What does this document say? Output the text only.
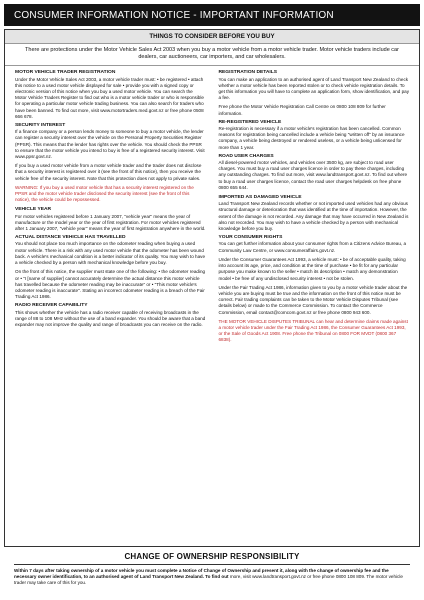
CONSUMER INFORMATION NOTICE - IMPORTANT INFORMATION
THINGS TO CONSIDER BEFORE YOU BUY
There are protections under the Motor Vehicle Sales Act 2003 when you buy a motor vehicle from a motor vehicle trader. Motor vehicle traders include car dealers, car auctioneers, car importers, and car wholesalers.
MOTOR VEHICLE TRADER REGISTRATION

Under the Motor Vehicle Sales Act 2003, a motor vehicle trader must: • be registered • attach this notice to a used motor vehicle displayed for sale • provide you with a signed copy or electronic version of this notice when you buy a used motor vehicle. You can search the Motor Vehicle Traders Register to find out who is a motor vehicle trader or who is responsible for operating a particular motor vehicle trading business. You can also search for traders who have been banned. To find out more, visit www.motortraders.med.govt.nz or free phone 0508 666 678.

SECURITY INTEREST

If a finance company or a person lends money to someone to buy a motor vehicle, the lender can register a security interest over the vehicle on the Personal Property Securities Register (PPSR). This means that the lender has rights over the vehicle. You should check the PPSR to ensure that the motor vehicle you intend to buy is free of a registered security interest. Visit www.ppsr.govt.nz.

If you buy a used motor vehicle from a motor vehicle trader and the trader does not disclose that a security interest is registered over it (see the front of this notice), then you receive the vehicle free of the security interest. Note that this protection does not apply to private sales.

WARNING: If you buy a used motor vehicle that has a security interest registered on the PPSR and the motor vehicle trader disclosed the security interest (see the front of this notice), the vehicle could be repossessed.

VEHICLE YEAR

For motor vehicles registered before 1 January 2007, "vehicle year" means the year of manufacture or the model year or the year of first registration. For motor vehicles registered after 1 January 2007, "vehicle year" means the year of first registration anywhere in the world.

ACTUAL DISTANCE VEHICLE HAS TRAVELLED

You should not place too much importance on the odometer reading when buying a used motor vehicle. There is a risk with any used motor vehicle that the odometer has been wound back. A vehicle's mechanical condition is a better indicator of its quality. You may wish to have a vehicle checked by a person with mechanical knowledge before you buy.

On the front of this notice, the supplier must state one of the following: • the odometer reading or • "I [name of supplier] cannot accurately determine the actual distance this motor vehicle has travelled because the odometer reading may be inaccurate" or • "This motor vehicle's odometer reading is inaccurate". Stating an incorrect odometer reading is a breach of the Fair Trading Act 1986.

RADIO RECEIVER CAPABILITY

This shows whether the vehicle has a radio receiver capable of receiving broadcasts in the range of 88 to 108 MHz without the use of a band expander. You should be aware that a band expander may not improve the quality and range of broadcasts you can receive on the radio.

REGISTRATION DETAILS

You can make an application to an authorised agent of Land Transport New Zealand to check whether a motor vehicle has been reported stolen or to check vehicle registration details. To get this information you will have to complete an application form, show identification, and pay a fee.

Free phone the Motor Vehicle Registration Call Centre on 0800 108 809 for further information.

RE-REGISTERED VEHICLE

Re-registration is necessary if a motor vehicle's registration has been cancelled. Common reasons for registration being cancelled include a vehicle being "written off" by an insurance company, a vehicle being destroyed or rendered useless, or a vehicle being unlicensed for more than 1 year.

ROAD USER CHARGES

All diesel-powered motor vehicles, and vehicles over 3500 kg, are subject to road user charges. You must buy a road user charges licence in order to pay these charges, including any outstanding charges. To find out more, visit www.landtransport.govt.nz. To find out where to buy a road user charges licence, contact the road user charges helpdesk on free phone 0800 655 644.

IMPORTED AS DAMAGED VEHICLE

Land Transport New Zealand records whether or not imported used vehicles had any obvious structural damage or deterioration that was identified at the time of importation. However, the extent of the damage is not recorded. Any damage that may have occurred in New Zealand is also not recorded. You may wish to have a vehicle checked by a person with mechanical knowledge before you buy.

YOUR CONSUMER RIGHTS

You can get further information about your consumer rights from a Citizens Advice Bureau, a Community Law Centre, or www.consumeraffairs.govt.nz.

Under the Consumer Guarantees Act 1993, a vehicle must: • be of acceptable quality, taking into account its age, price, and condition at the time of purchase • be fit for any particular purpose you make known to the seller • match its description • match any demonstration model • be free of any undisclosed security interest • not be stolen.

Under the Fair Trading Act 1986, information given to you by a motor vehicle trader about the vehicle you are buying must be true and the information on the front of this notice must be correct. Fair trading complaints can be taken to the Motor Vehicle Disputes Tribunal (see details below) or made to the Commerce Commission. To contact the Commerce Commission, email contact@comcom.govt.nz or free phone 0800 943 600.

THE MOTOR VEHICLE DISPUTES TRIBUNAL can hear and determine claims made against a motor vehicle trader under the Fair Trading Act 1986, the Consumer Guarantees Act 1993, or the Sale of Goods Act 1908. Free phone the Tribunal on 0800 FOR MVDT (0800 367 6838).

CHANGE OF OWNERSHIP RESPONSIBILITY
Within 7 days after taking ownership of a motor vehicle you must complete a Notice of Change of Ownership and present it, along with the change of ownership fee and the necessary owner identification, to an authorised agent of Land Transport New Zealand. To find out more, visit www.landtransport.govt.nz or free phone 0800 108 809. The motor vehicle trader may take care of this for you.
